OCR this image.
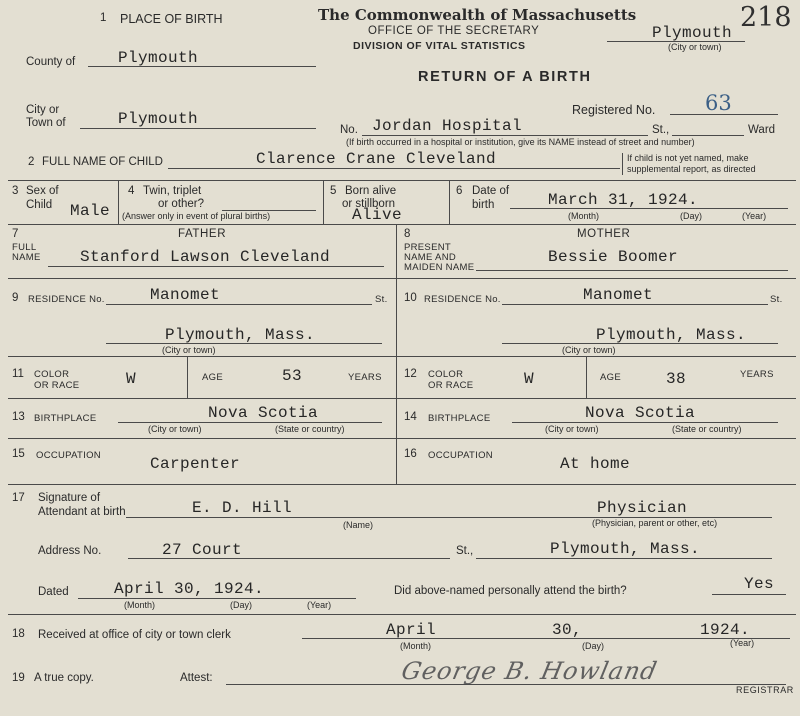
1 PLACE OF BIRTH	The Commonwealth of Massachusetts
OFFICE OF THE SECRETARY
DIVISION OF VITAL STATISTICS
218
Plymouth
(City or town)
County of	Plymouth
RETURN OF A BIRTH
Registered No. 63
City or
Town of	Plymouth
No. Jordan Hospital	St.,	Ward
(If birth occurred in a hospital or institution, give its NAME instead of street and number)
2 FULL NAME OF CHILD	Clarence Crane Cleveland	If child is not yet named, make
supplemental report, as directed
3 Sex of
Child Male
4 Twin, triplet
or other?
(Answer only in event of plural births)
5 Born alive
or stillborn
Alive
6 Date of
birth	March 31, 1924.
(Month)	(Day)	(Year)
7	FATHER
FULL
NAME Stanford Lawson Cleveland
8	MOTHER
PRESENT
NAME AND
MAIDEN NAME
Bessie Boomer
9 RESIDENCE No.	Manomet	St.
Plymouth, Mass.
(City or town)
10 RESIDENCE No.	Manomet	St.
Plymouth, Mass.
(City or town)
11 COLOR
OR RACE	W	AGE	53	YEARS 12 COLOR
OR RACE	W	AGE	38	YEARS
13 BIRTHPLACE	Nova Scotia
(City or town)	(State or country)
14 BIRTHPLACE	Nova Scotia
(City or town)	(State or country)
15 OCCUPATION	Carpenter
16 OCCUPATION	At home
17 Signature of
Attendant at birth	E. D. Hill
(Name)
Physician
(Physician, parent or other, etc)
Address No.	27 Court	St.,	Plymouth, Mass.
Dated	April 30, 1924.
(Month)	(Day)	(Year)
Did above-named personally attend the birth?	Yes
18 Received at office of city or town clerk	April	30,	1924.
(Month)	(Day)	(Year)
19 A true copy.	Attest:	George B. Howland
REGISTRAR
